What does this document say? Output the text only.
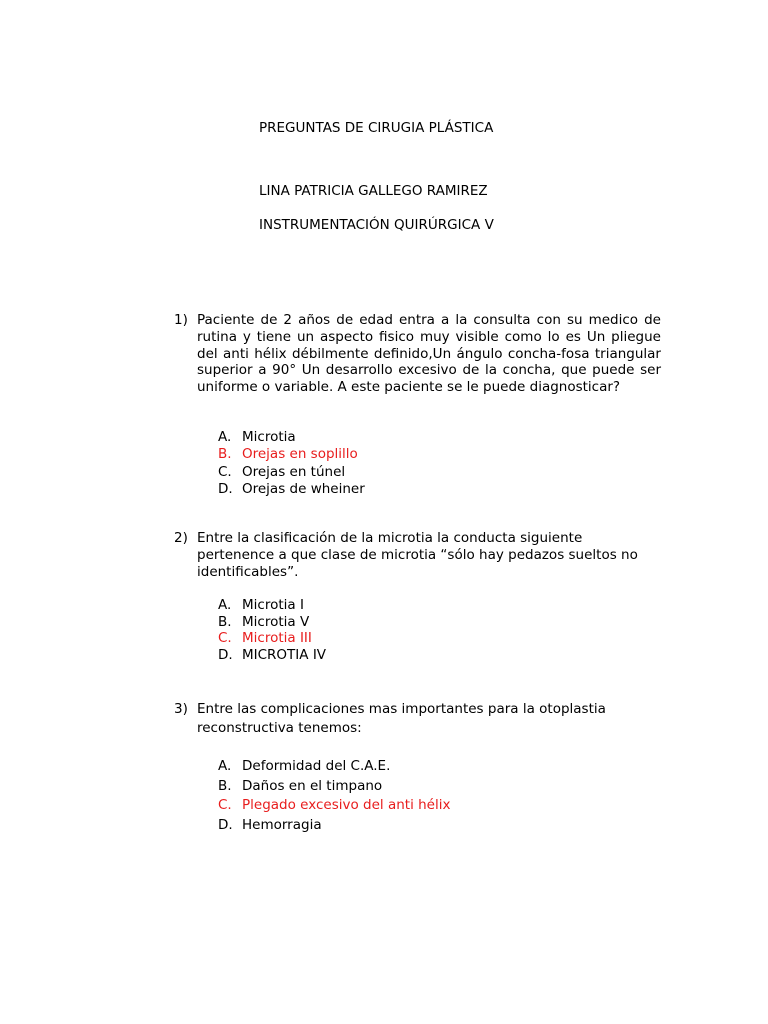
PREGUNTAS DE CIRUGIA PLÁSTICA
LINA PATRICIA GALLEGO RAMIREZ
INSTRUMENTACIÓN QUIRÚRGICA V
1) Paciente de 2 años de edad entra a la consulta con su medico de rutina y tiene un aspecto fisico muy visible como lo es Un pliegue del anti hélix débilmente definido,Un ángulo concha-fosa triangular superior a 90° Un desarrollo excesivo de la concha, que puede ser uniforme o variable. A este paciente se le puede diagnosticar?
A. Microtia
B. Orejas en soplillo
C. Orejas en túnel
D. Orejas de wheiner
2) Entre la clasificación de la microtia la conducta siguiente pertenence a que clase de microtia “sólo hay pedazos sueltos no identificables”.
A. Microtia I
B. Microtia V
C. Microtia III
D. MICROTIA IV
3) Entre las complicaciones mas importantes para la otoplastia reconstructiva tenemos:
A. Deformidad del C.A.E.
B. Daños en el timpano
C. Plegado excesivo del anti hélix
D. Hemorragia
